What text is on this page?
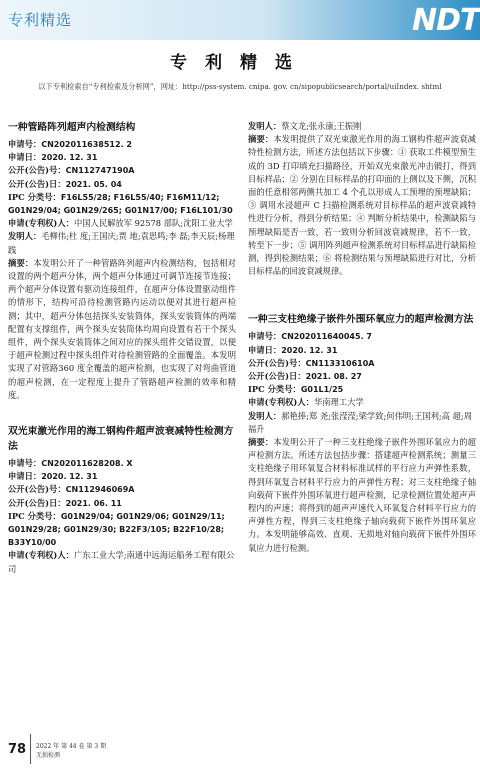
专利精选	NDT
专利精选
以下专利检索自“专利检索及分析网”，网址：http://pss-system. cnipa. gov. cn/sipopublicsearch/portal/uiIndex. shtml
一种管路阵列超声内检测结构

申请号：CN202011638512. 2

申请日：2020. 12. 31

公开(公告)号：CN112747190A

公开(公告)日：2021. 05. 04

IPC 分类号：F16L55/28; F16L55/40; F16M11/12; G01N29/04; G01N29/265; G01N17/00; F16L101/30

申请(专利权)人：中国人民解放军 92578 部队;沈阳工业大学

发明人：毛柳伟;杜 度;王国庆;贾 地;袁思鸣;李 磊;李天辰;杨理践

摘要：本发明公开了一种管路阵列超声内检测结构，包括相对设置的两个超声分体，两个超声分体通过可调节连接节连接；两个超声分体设置有驱动连接组件，在超声分体设置驱动组件的情形下，结构可沿待检测管路内运动以便对其进行超声检测；其中，超声分体包括探头安装筒体，探头安装筒体的两端配置有支撑组件，两个探头安装筒体均周向设置有若干个探头组件，两个探头安装筒体之间对应的探头组件交错设置，以便于超声检测过程中探头组件对待检测管路的全面覆盖。本发明实现了对管路360 度全覆盖的超声检测，也实现了对弯曲管道的超声检测，在一定程度上提升了管路超声检测的效率和精度。

双光束激光作用的海工钢构件超声波衰减特性检测方法

申请号：CN202011628208. X

申请日：2020. 12. 31

公开(公告)号：CN112946069A

公开(公告)日：2021. 06. 11

IPC 分类号：G01N29/04; G01N29/06; G01N29/11; G01N29/28; G01N29/30; B22F3/105; B22F10/28; B33Y10/00

申请(专利权)人：广东工业大学;南通中远海运船务工程有限公司

发明人：蔡文龙;张永康;王振刚

摘要：本发明提供了双光束激光作用的海工钢构件超声波衰减特性检测方法，所述方法包括以下步骤：① 获取工件模型预生成的 3D 打印填充扫描路径，开始双光束激光冲击锻打，得到目标样品；② 分别在目标样品的打印面的上侧以及下侧，沉积面的任意相邻两侧共加工 4 个孔以形成人工预埋的预埋缺陷；③ 调用水浸超声 C 扫描检测系统对目标样品的超声波衰减特性进行分析，得到分析结果；④ 判断分析结果中，检测缺陷与预埋缺陷是否一致，若一致则分析回波衰减规律，若不一致，转至下一步；⑤ 调用阵列超声检测系统对目标样品进行缺陷检测，得到检测结果；⑥ 将检测结果与预埋缺陷进行对比，分析目标样品的回波衰减规律。

一种三支柱绝缘子嵌件外围环氧应力的超声检测方法

申请号：CN202011640045. 7

申请日：2020. 12. 31

公开(公告)号：CN113310610A

公开(公告)日：2021. 08. 27

IPC 分类号：G01L1/25

申请(专利权)人：华南理工大学

发明人：郝艳捧;郑 尧;张滢滢;梁学致;何伟明;王国利;高 超;周福升

摘要：本发明公开了一种三支柱绝缘子嵌件外围环氧应力的超声检测方法。所述方法包括步骤：搭建超声检测系统；测量三支柱绝缘子用环氧复合材料标准试样的平行应力声弹性系数，得到环氧复合材料平行应力的声弹性方程；对三支柱绝缘子轴向载荷下嵌件外围环氧进行超声检测，记录检测位置处超声声程内的声速；将得到的超声声速代入环氧复合材料平行应力的声弹性方程，得到三支柱绝缘子轴向载荷下嵌件外围环氧应力。本发明能够高效、直观、无损地对轴向载荷下嵌件外围环氧应力进行检测。

78 2022 年 第 44 卷 第 3 期
无损检测
